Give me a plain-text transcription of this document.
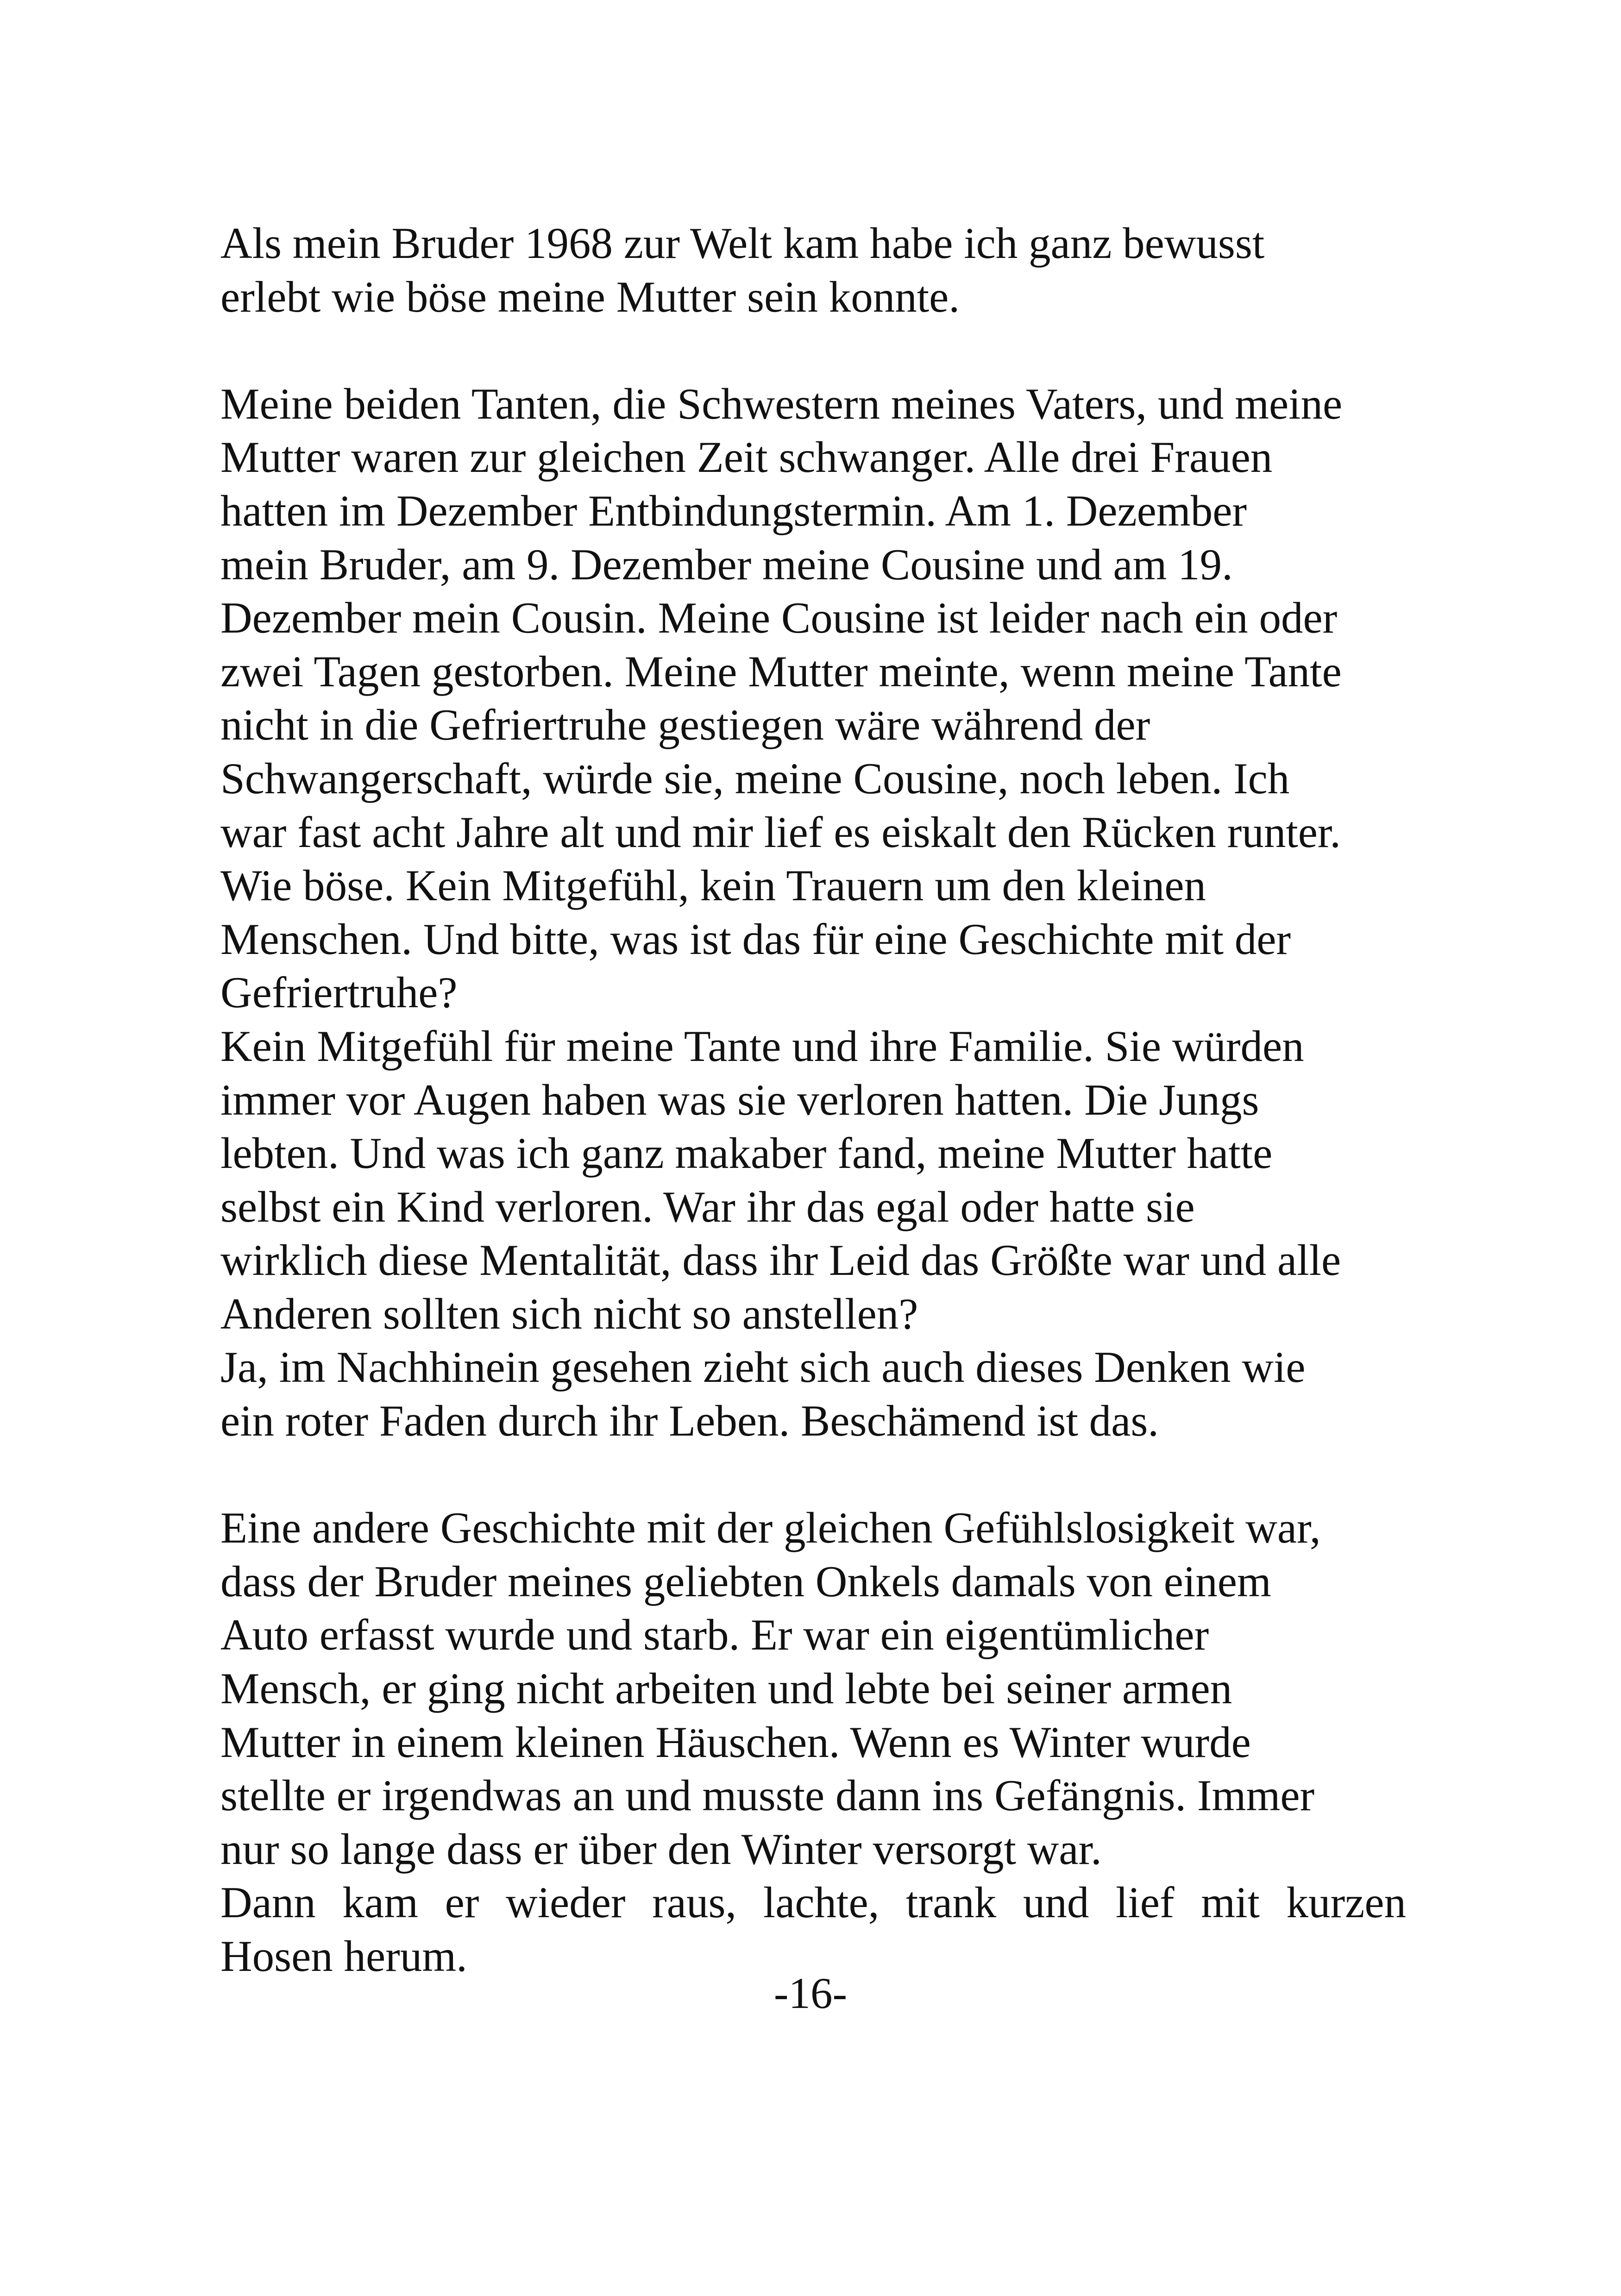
Als mein Bruder 1968 zur Welt kam habe ich ganz bewusst
erlebt wie böse meine Mutter sein konnte.
Meine beiden Tanten, die Schwestern meines Vaters, und meine
Mutter waren zur gleichen Zeit schwanger. Alle drei Frauen
hatten im Dezember Entbindungstermin. Am 1. Dezember
mein Bruder, am 9. Dezember meine Cousine und am 19.
Dezember mein Cousin. Meine Cousine ist leider nach ein oder
zwei Tagen gestorben. Meine Mutter meinte, wenn meine Tante
nicht in die Gefriertruhe gestiegen wäre während der
Schwangerschaft, würde sie, meine Cousine, noch leben. Ich
war fast acht Jahre alt und mir lief es eiskalt den Rücken runter.
Wie böse. Kein Mitgefühl, kein Trauern um den kleinen
Menschen. Und bitte, was ist das für eine Geschichte mit der
Gefriertruhe?
Kein Mitgefühl für meine Tante und ihre Familie. Sie würden
immer vor Augen haben was sie verloren hatten. Die Jungs
lebten. Und was ich ganz makaber fand, meine Mutter hatte
selbst ein Kind verloren. War ihr das egal oder hatte sie
wirklich diese Mentalität, dass ihr Leid das Größte war und alle
Anderen sollten sich nicht so anstellen?
Ja, im Nachhinein gesehen zieht sich auch dieses Denken wie
ein roter Faden durch ihr Leben. Beschämend ist das.
Eine andere Geschichte mit der gleichen Gefühlslosigkeit war,
dass der Bruder meines geliebten Onkels damals von einem
Auto erfasst wurde und starb. Er war ein eigentümlicher
Mensch, er ging nicht arbeiten und lebte bei seiner armen
Mutter in einem kleinen Häuschen. Wenn es Winter wurde
stellte er irgendwas an und musste dann ins Gefängnis. Immer
nur so lange dass er über den Winter versorgt war.
Dann kam er wieder raus, lachte, trank und lief mit kurzen
Hosen herum.
-16-
